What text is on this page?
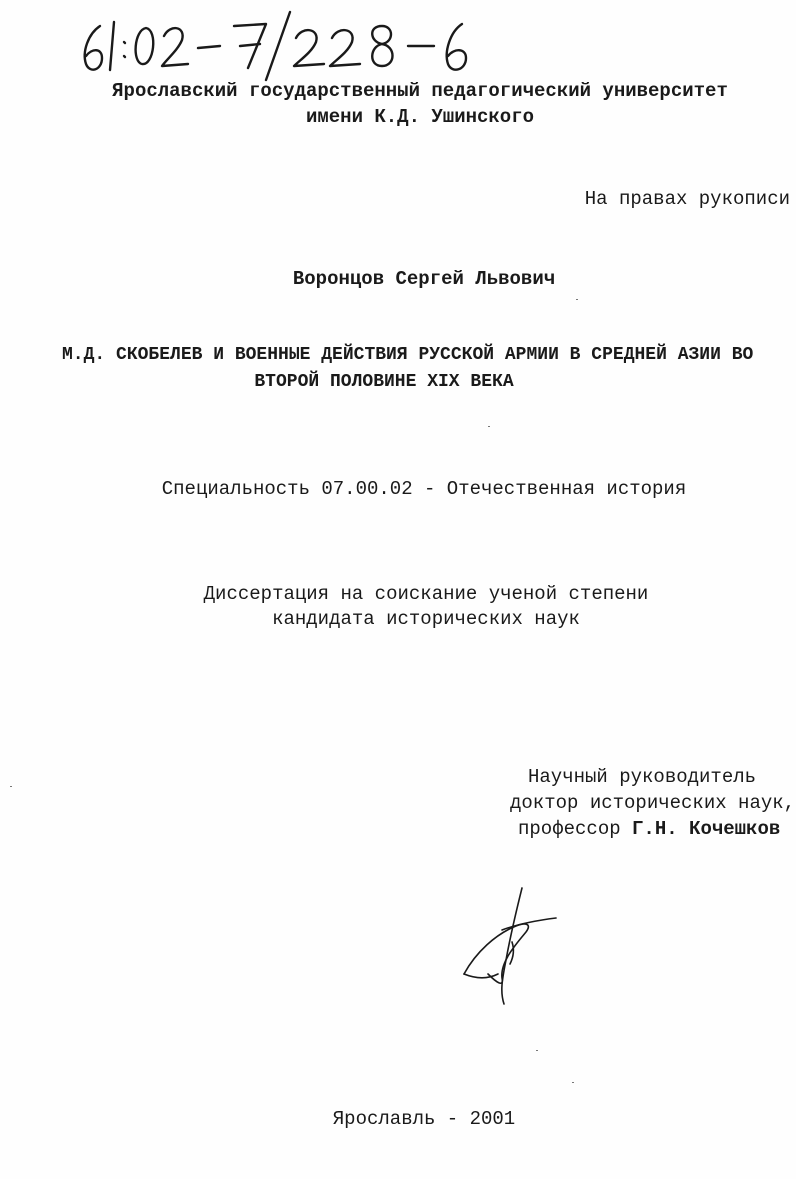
Ярославский государственный педагогический университет
имени К.Д. Ушинского
На правах рукописи
Воронцов Сергей Львович
М.Д. СКОБЕЛЕВ И ВОЕННЫЕ ДЕЙСТВИЯ РУССКОЙ АРМИИ В СРЕДНЕЙ АЗИИ ВО
ВТОРОЙ ПОЛОВИНЕ XIX ВЕКА
Специальность 07.00.02 - Отечественная история
Диссертация на соискание ученой степени
кандидата исторических наук
Научный руководитель
доктор исторических наук,
профессор Г.Н. Кочешков
Ярославль - 2001
